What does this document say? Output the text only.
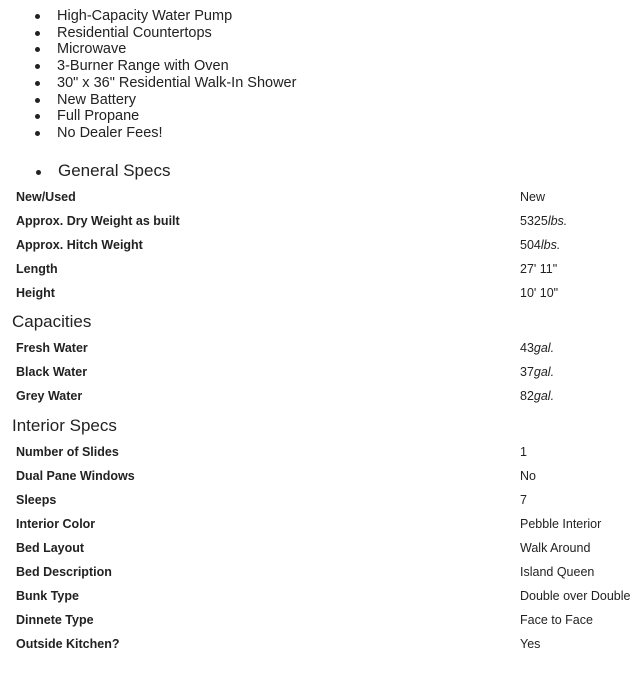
High-Capacity Water Pump
Residential Countertops
Microwave
3-Burner Range with Oven
30" x 36" Residential Walk-In Shower
New Battery
Full Propane
No Dealer Fees!
General Specs
New/Used	New
Approx. Dry Weight as built	5325lbs.
Approx. Hitch Weight	504lbs.
Length	27' 11"
Height	10' 10"
Capacities
Fresh Water	43gal.
Black Water	37gal.
Grey Water	82gal.
Interior Specs
Number of Slides	1
Dual Pane Windows	No
Sleeps	7
Interior Color	Pebble Interior
Bed Layout	Walk Around
Bed Description	Island Queen
Bunk Type	Double over Double
Dinnete Type	Face to Face
Outside Kitchen?	Yes
